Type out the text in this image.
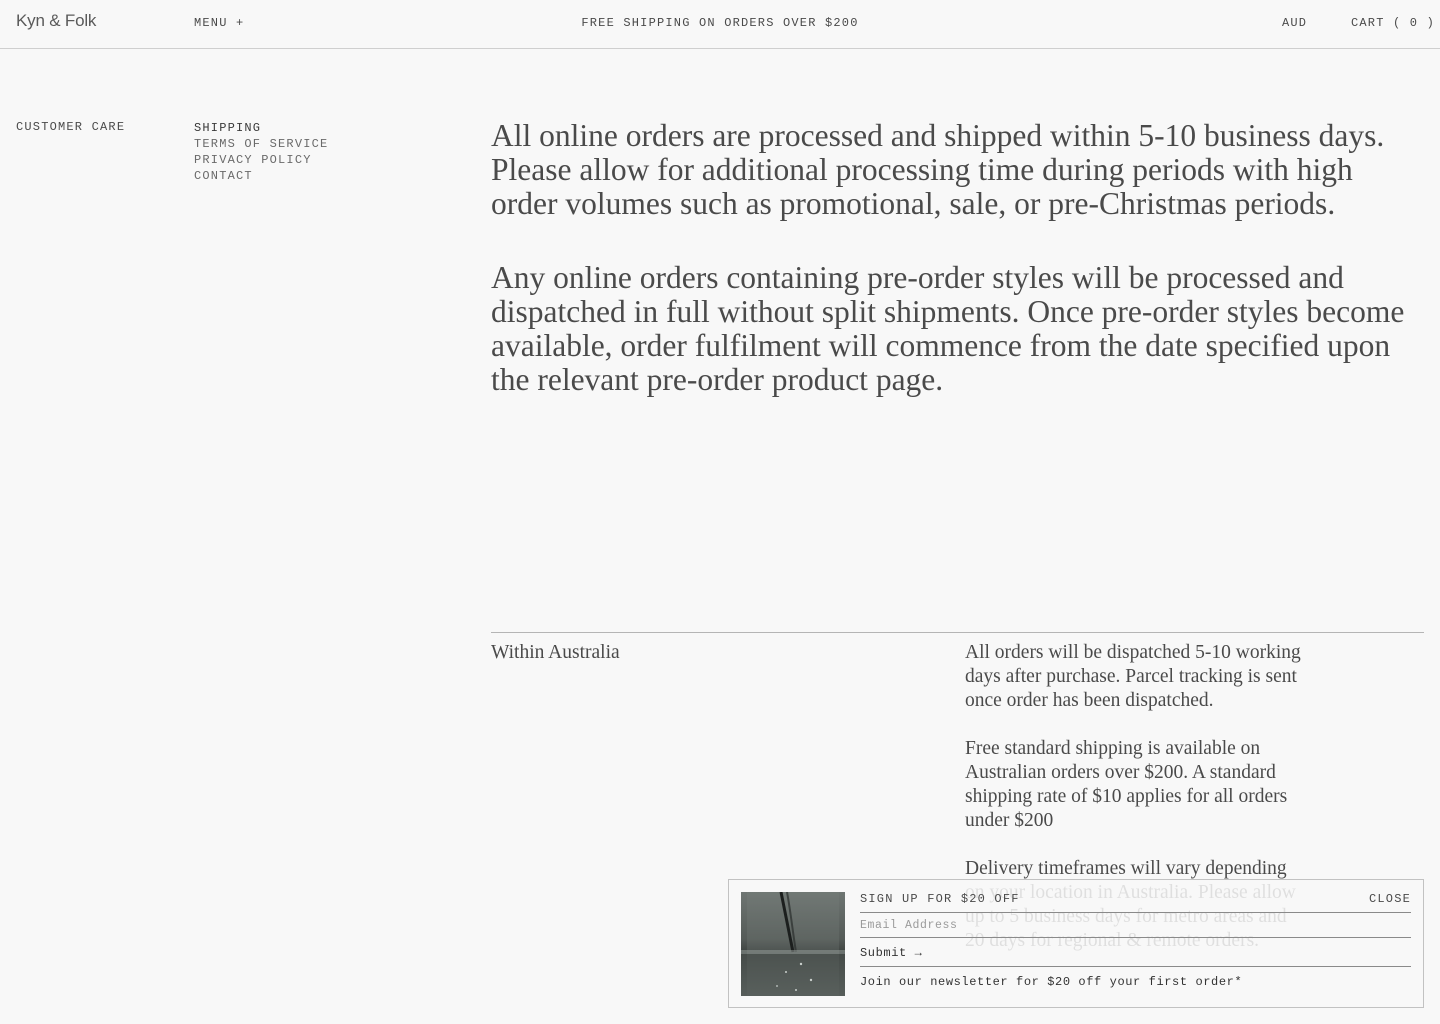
Kyn & Folk	MENU +	FREE SHIPPING ON ORDERS OVER $200	AUD	CART ( 0 )
CUSTOMER CARE	SHIPPING
TERMS OF SERVICE
PRIVACY POLICY
CONTACT

All online orders are processed and shipped within 5-10 business days. Please allow for additional processing time during periods with high order volumes such as promotional, sale, or pre-Christmas periods.

Any online orders containing pre-order styles will be processed and dispatched in full without split shipments. Once pre-order styles become available, order fulfilment will commence from the date specified upon the relevant pre-order product page.

Within Australia	All orders will be dispatched 5-10 working days after purchase. Parcel tracking is sent once order has been dispatched.

Free standard shipping is available on Australian orders over $200. A standard shipping rate of $10 applies for all orders under $200

Delivery timeframes will vary depending

SIGN UP FOR $20 OFF	CLOSE
Email Address
Submit →
Join our newsletter for $20 off your first order*
